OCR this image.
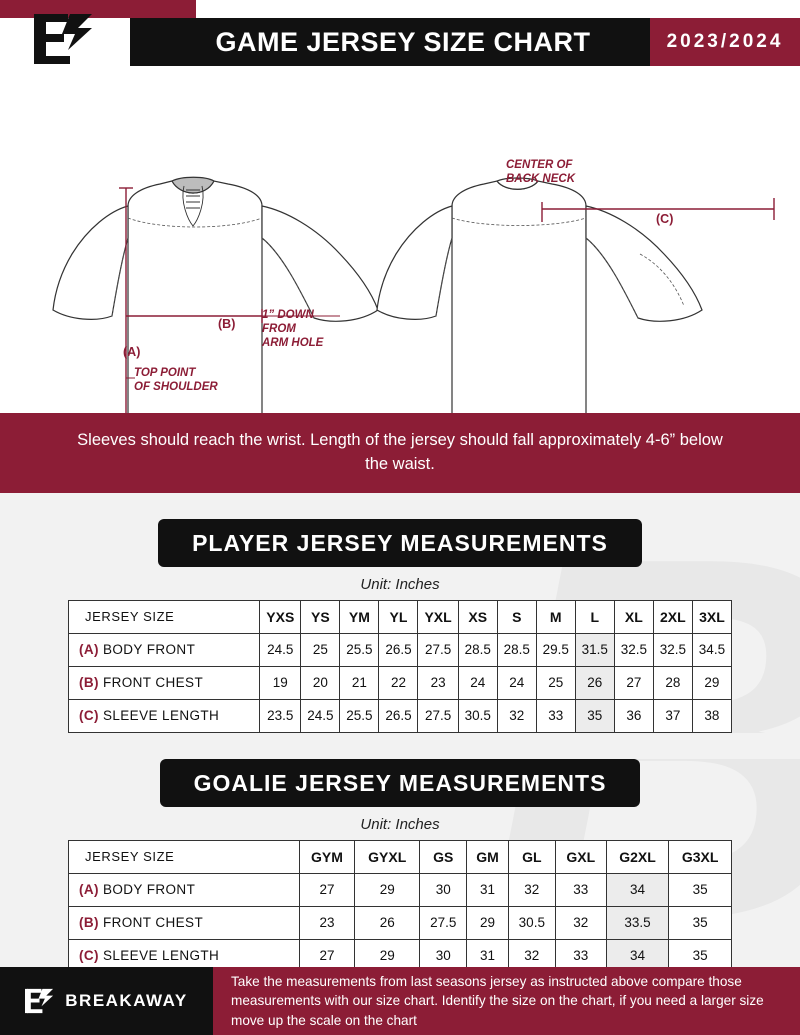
GAME JERSEY SIZE CHART	2023/2024
(B)
(A)
1” DOWN
FROM
ARM HOLE
TOP POINT
OF SHOULDER
(C)
CENTER OF
BACK NECK
Sleeves should reach the wrist. Length of the jersey should fall approximately 4-6” below the waist.
PLAYER JERSEY MEASUREMENTS
Unit: Inches
JERSEY SIZE	YXS	YS	YM	YL	YXL	XS	S	M	L	XL	2XL	3XL
(A) BODY FRONT	24.5	25	25.5	26.5	27.5	28.5	28.5	29.5	31.5	32.5	32.5	34.5
(B) FRONT CHEST	19	20	21	22	23	24	24	25	26	27	28	29
(C) SLEEVE LENGTH	23.5	24.5	25.5	26.5	27.5	30.5	32	33	35	36	37	38
GOALIE JERSEY MEASUREMENTS
Unit: Inches
JERSEY SIZE	GYM	GYXL	GS	GM	GL	GXL	G2XL	G3XL
(A) BODY FRONT	27	29	30	31	32	33	34	35
(B) FRONT CHEST	23	26	27.5	29	30.5	32	33.5	35
(C) SLEEVE LENGTH	27	29	30	31	32	33	34	35
BREAKAWAY
Take the measurements from last seasons jersey as instructed above compare those measurements with our size chart. Identify the size on the chart, if you need a larger size move up the scale on the chart
